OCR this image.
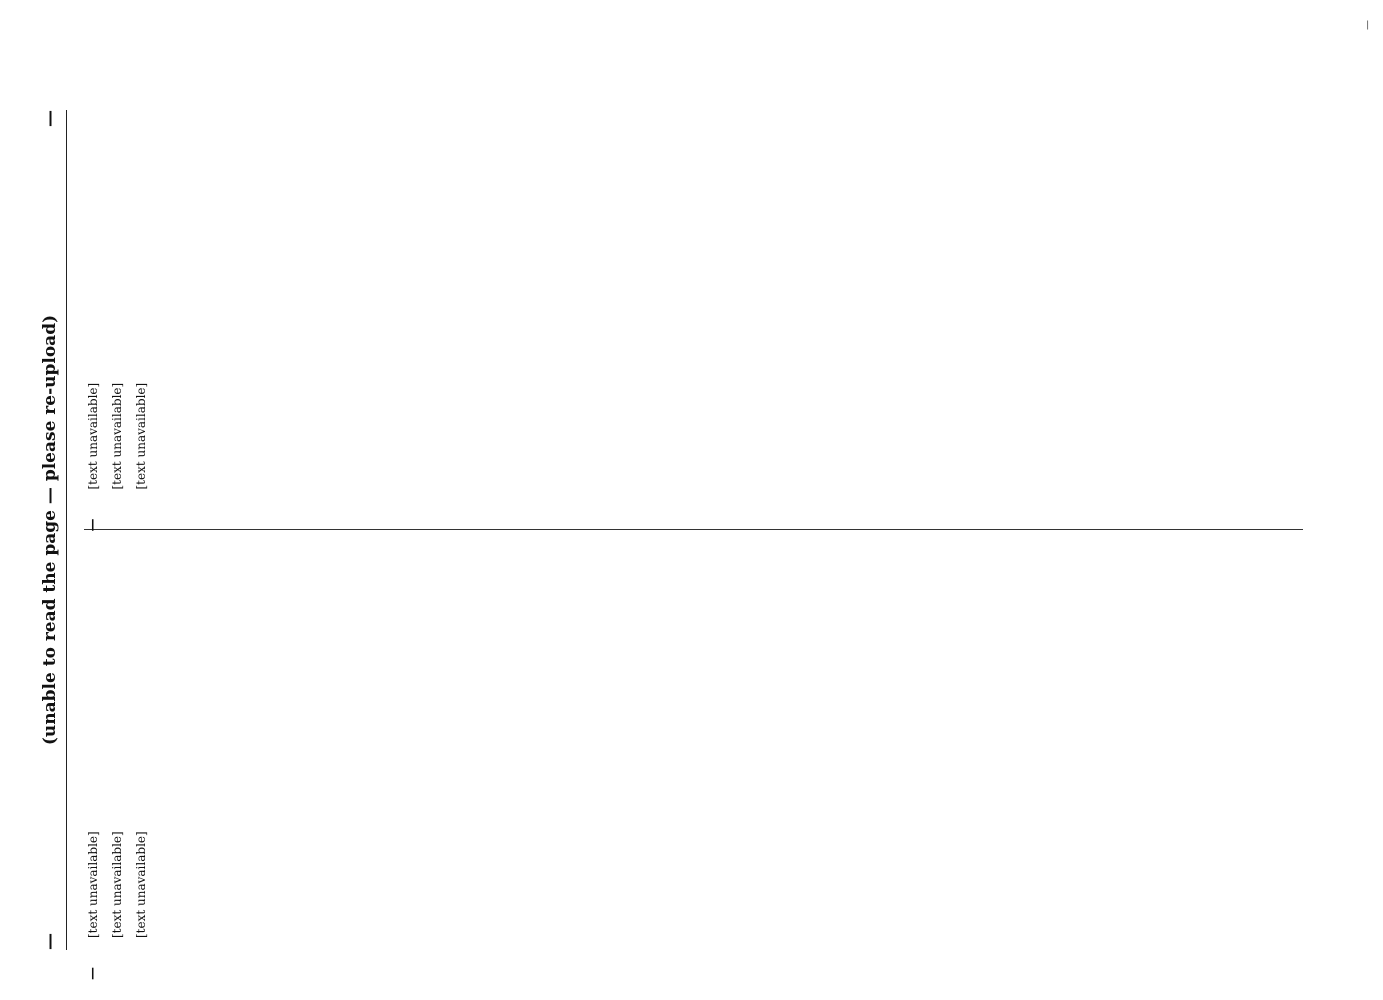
—
(unable to read the page — please re-upload)
—
—

[text unavailable] [text unavailable] [text unavailable]

—

[text unavailable] [text unavailable] [text unavailable]

—
